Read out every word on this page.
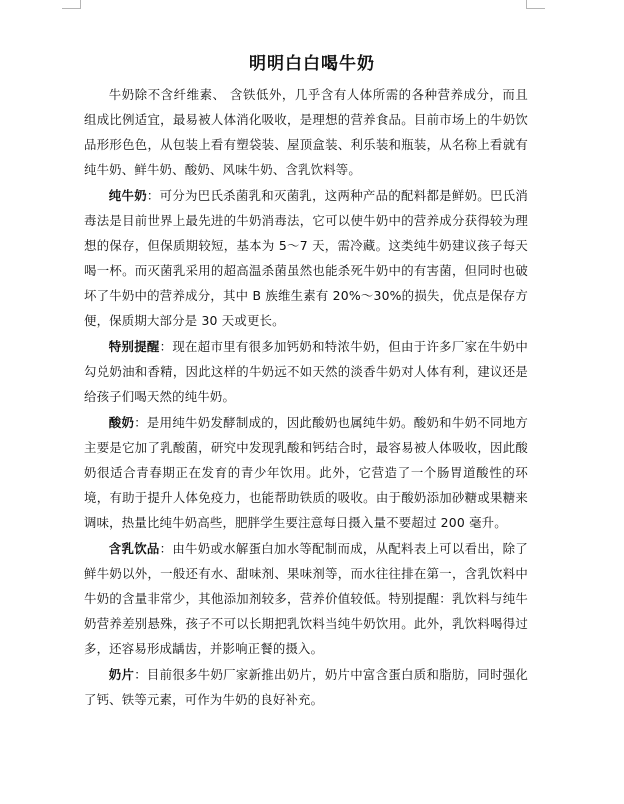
明明白白喝牛奶

牛奶除不含纤维素、 含铁低外，几乎含有人体所需的各种营养成分，而且组成比例适宜，最易被人体消化吸收，是理想的营养食品。目前市场上的牛奶饮品形形色色，从包装上看有塑袋装、屋顶盒装、利乐装和瓶装，从名称上看就有纯牛奶、鲜牛奶、酸奶、风味牛奶、含乳饮料等。

纯牛奶：可分为巴氏杀菌乳和灭菌乳，这两种产品的配料都是鲜奶。巴氏消毒法是目前世界上最先进的牛奶消毒法，它可以使牛奶中的营养成分获得较为理想的保存，但保质期较短，基本为 5～7 天，需冷藏。这类纯牛奶建议孩子每天喝一杯。而灭菌乳采用的超高温杀菌虽然也能杀死牛奶中的有害菌，但同时也破坏了牛奶中的营养成分，其中 B 族维生素有 20%～30%的损失，优点是保存方便，保质期大部分是 30 天或更长。

特别提醒：现在超市里有很多加钙奶和特浓牛奶，但由于许多厂家在牛奶中勾兑奶油和香精，因此这样的牛奶远不如天然的淡香牛奶对人体有利，建议还是给孩子们喝天然的纯牛奶。

酸奶：是用纯牛奶发酵制成的，因此酸奶也属纯牛奶。酸奶和牛奶不同地方主要是它加了乳酸菌，研究中发现乳酸和钙结合时，最容易被人体吸收，因此酸奶很适合青春期正在发育的青少年饮用。此外，它营造了一个肠胃道酸性的环境，有助于提升人体免疫力，也能帮助铁质的吸收。由于酸奶添加砂糖或果糖来调味，热量比纯牛奶高些，肥胖学生要注意每日摄入量不要超过 200 毫升。

含乳饮品：由牛奶或水解蛋白加水等配制而成，从配料表上可以看出，除了鲜牛奶以外，一般还有水、甜味剂、果味剂等，而水往往排在第一，含乳饮料中牛奶的含量非常少，其他添加剂较多，营养价值较低。特别提醒：乳饮料与纯牛奶营养差别悬殊，孩子不可以长期把乳饮料当纯牛奶饮用。此外，乳饮料喝得过多，还容易形成龋齿，并影响正餐的摄入。

奶片：目前很多牛奶厂家新推出奶片，奶片中富含蛋白质和脂肪，同时强化了钙、铁等元素，可作为牛奶的良好补充。
